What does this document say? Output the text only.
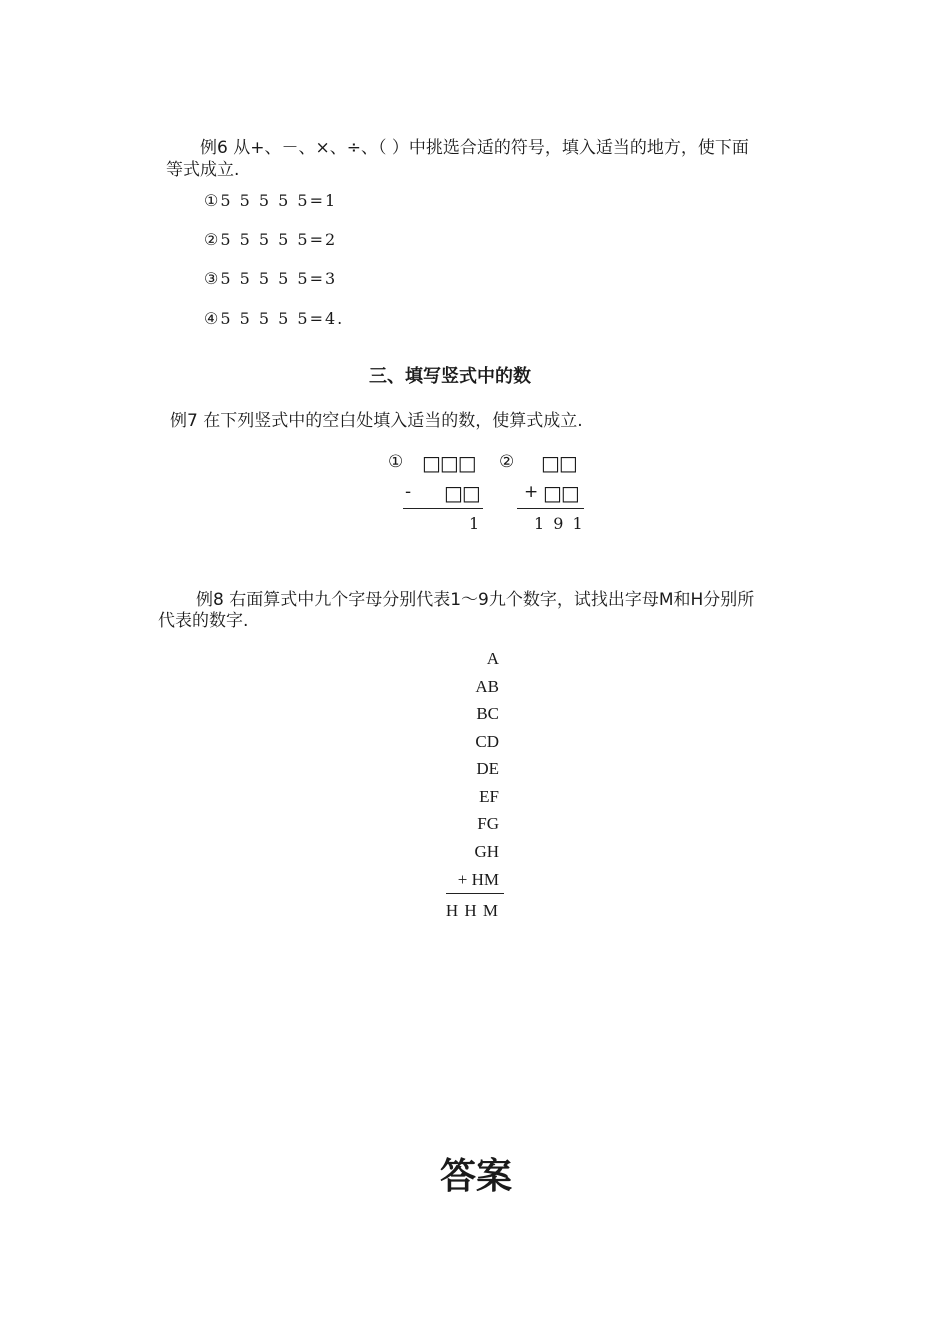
例6 从+、－、×、÷、（ ）中挑选合适的符号，填入适当的地方，使下面
等式成立.
①5 5 5 5 5=1
②5 5 5 5 5=2
③5 5 5 5 5=3
④5 5 5 5 5=4.
三、填写竖式中的数
例7 在下列竖式中的空白处填入适当的数，使算式成立.
① □□□
- □□
1
② □□
+ □□
1 9 1
例8 右面算式中九个字母分别代表1～9九个数字，试找出字母M和H分别所
代表的数字.
A
AB
BC
CD
DE
EF
FG
GH
+ HM
H H M
答案
